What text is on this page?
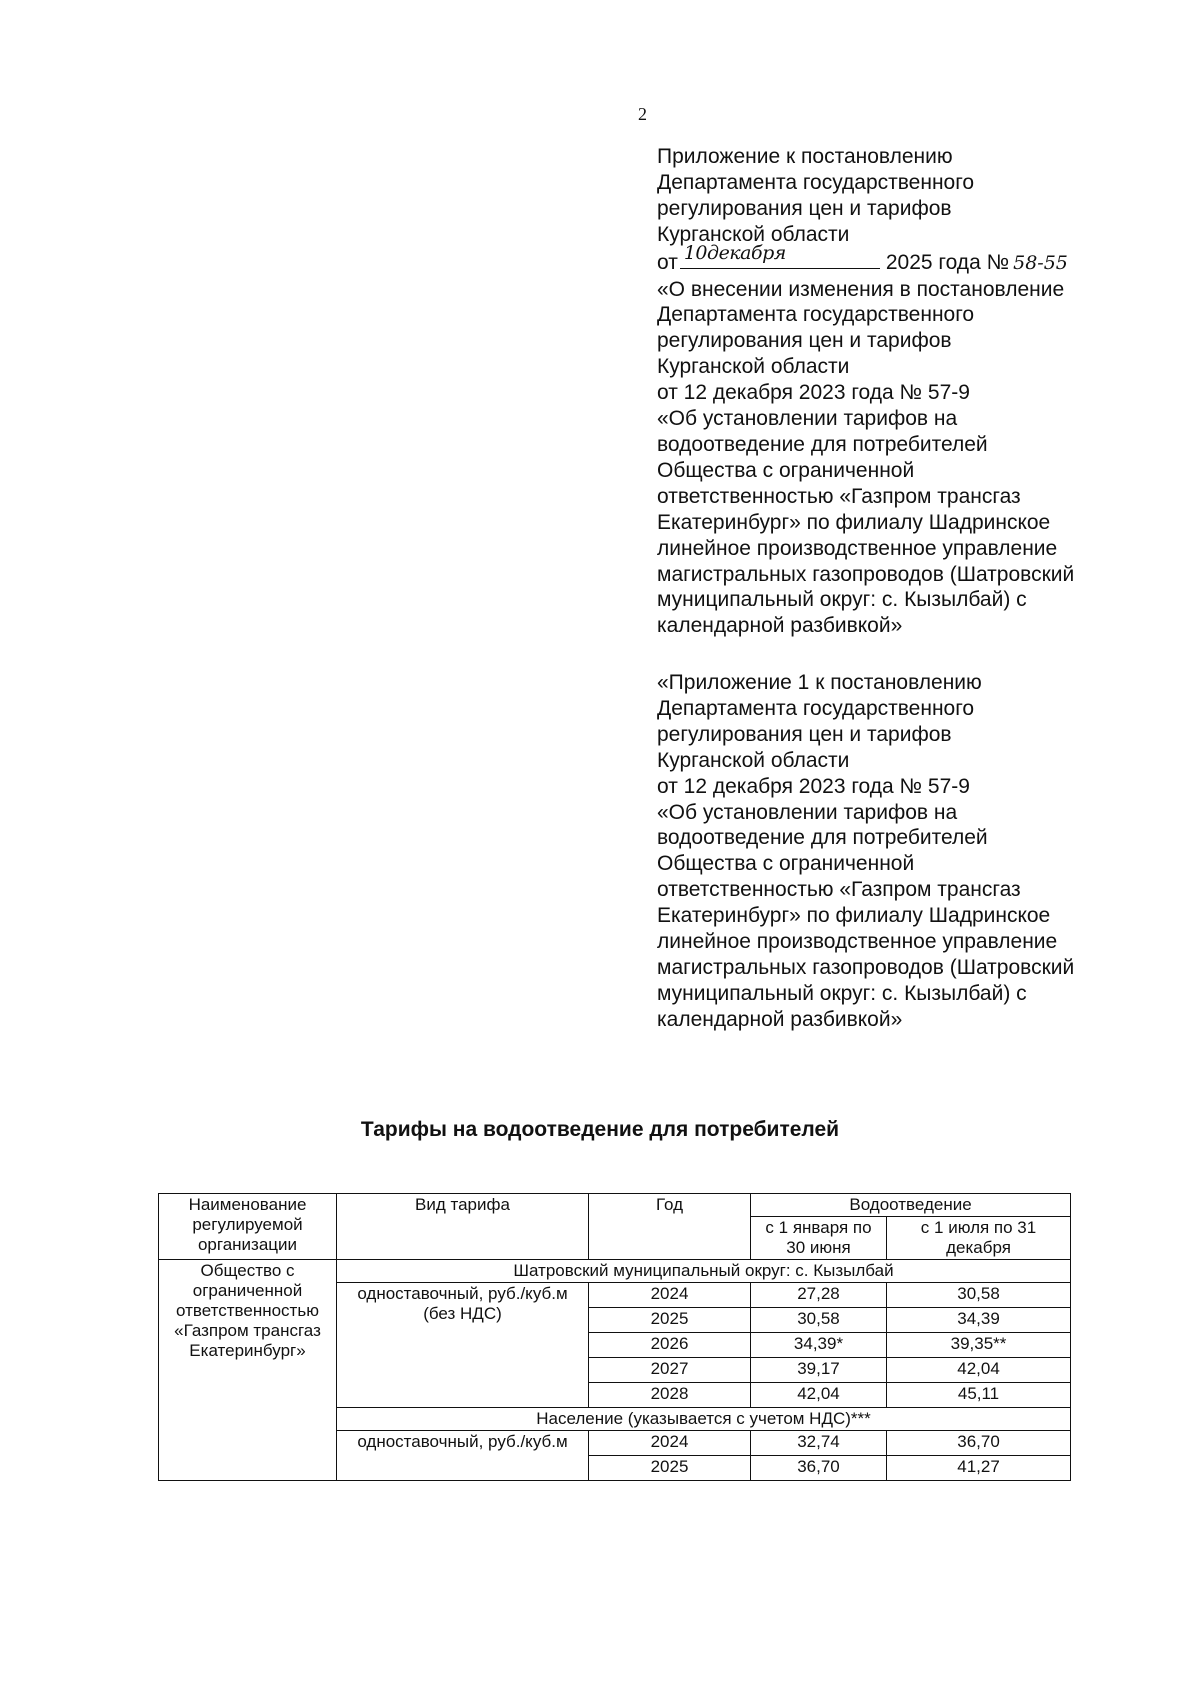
2
Приложение к постановлению
Департамента государственного
регулирования цен и тарифов
Курганской области
от 10декабря	2025 года № 58-55
«О внесении изменения в постановление
Департамента государственного
регулирования цен и тарифов
Курганской области
от 12 декабря 2023 года № 57-9
«Об установлении тарифов на
водоотведение для потребителей
Общества с ограниченной
ответственностью «Газпром трансгаз
Екатеринбург» по филиалу Шадринское
линейное производственное управление
магистральных газопроводов (Шатровский
муниципальный округ: с. Кызылбай) с
календарной разбивкой»
«Приложение 1 к постановлению
Департамента государственного
регулирования цен и тарифов
Курганской области
от 12 декабря 2023 года № 57-9
«Об установлении тарифов на
водоотведение для потребителей
Общества с ограниченной
ответственностью «Газпром трансгаз
Екатеринбург» по филиалу Шадринское
линейное производственное управление
магистральных газопроводов (Шатровский
муниципальный округ: с. Кызылбай) с
календарной разбивкой»
Тарифы на водоотведение для потребителей
Наименование регулируемой организации	Вид тарифа	Год	Водоотведение	
			с 1 января по 30 июня	с 1 июля по 31 декабря
Общество с ограниченной ответственностью «Газпром трансгаз Екатеринбург»	Шатровский муниципальный округ: с. Кызылбай			
	одноставочный, руб./куб.м (без НДС)	2024	27,28	30,58
		2025	30,58	34,39
		2026	34,39*	39,35**
		2027	39,17	42,04
		2028	42,04	45,11
	Население (указывается с учетом НДС)***			
	одноставочный, руб./куб.м	2024	32,74	36,70
		2025	36,70	41,27
